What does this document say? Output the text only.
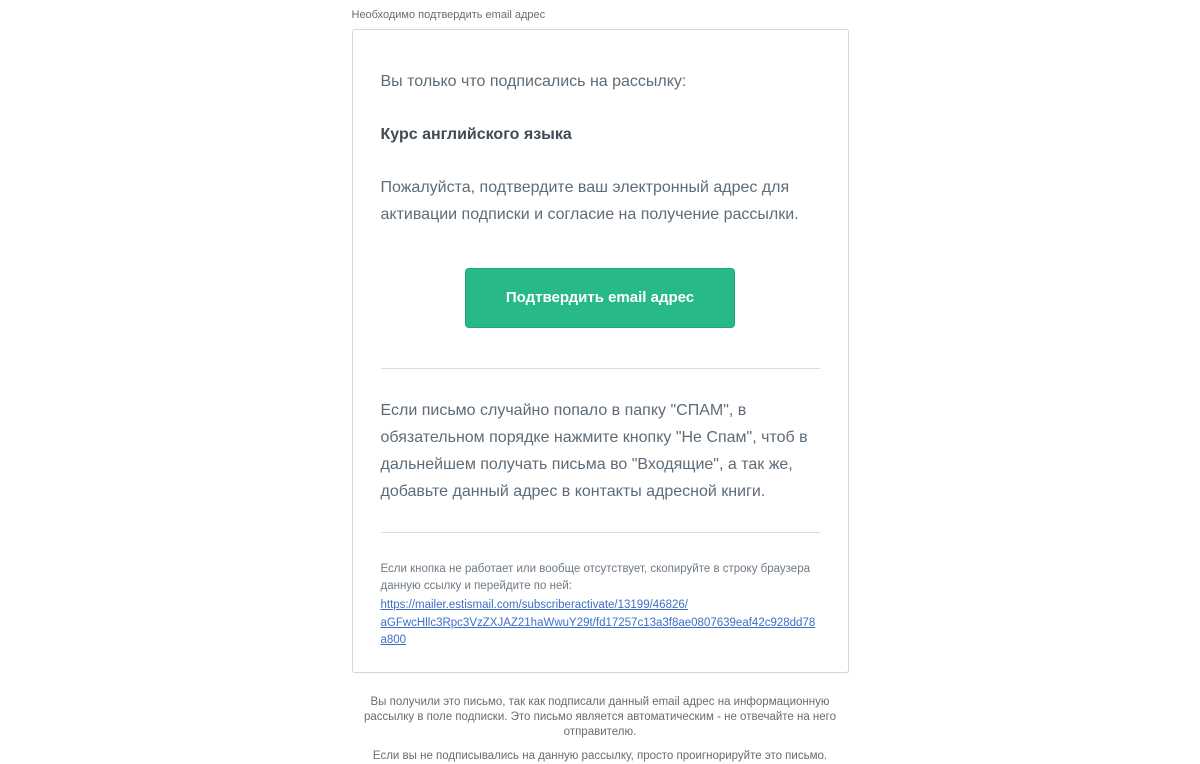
Необходимо подтвердить email адрес

Вы только что подписались на рассылку:

Курс английского языка

Пожалуйста, подтвердите ваш электронный адрес для активации подписки и согласие на получение рассылки.

Подтвердить email адрес

Если письмо случайно попало в папку "СПАМ", в обязательном порядке нажмите кнопку "Не Спам", чтоб в дальнейшем получать письма во "Входящие", а так же, добавьте данный адрес в контакты адресной книги.

Если кнопка не работает или вообще отсутствует, скопируйте в строку браузера данную ссылку и перейдите по ней:

https://mailer.estismail.com/subscriberactivate/13199/46826/
aGFwcHllc3Rpc3VzZXJAZ21haWwuY29t/fd17257c13a3f8ae0807639eaf42c928dd78a800

Вы получили это письмо, так как подписали данный email адрес на информационную рассылку в поле подписки. Это письмо является автоматическим - не отвечайте на него отправителю.

Если вы не подписывались на данную рассылку, просто проигнорируйте это письмо.
